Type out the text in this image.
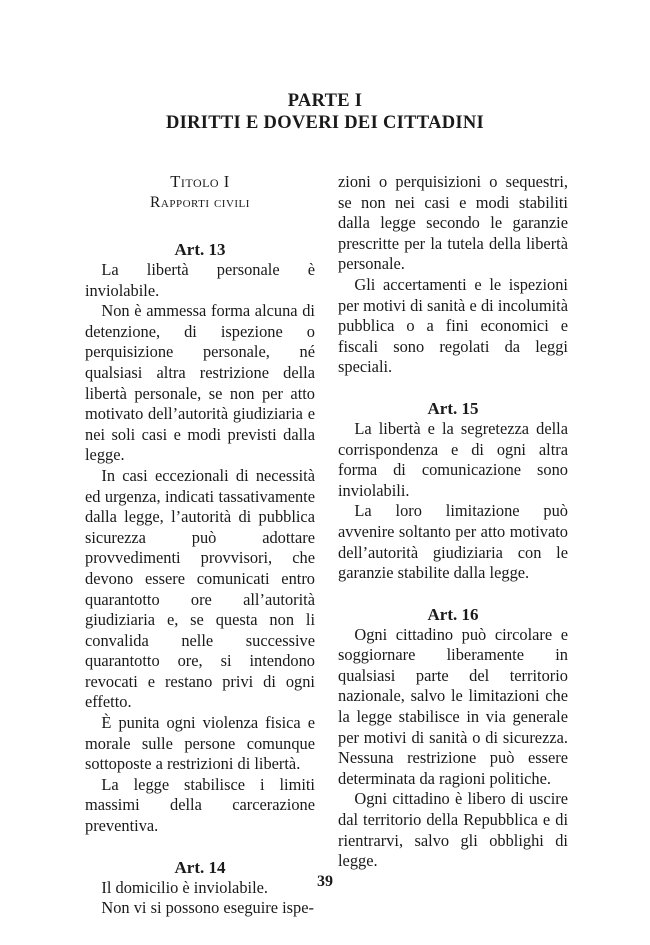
PARTE I
DIRITTI E DOVERI DEI CITTADINI
Titolo I
Rapporti civili
Art. 13

La libertà personale è inviolabile.

Non è ammessa forma alcuna di detenzione, di ispezione o perquisizione personale, né qualsiasi altra restrizione della libertà personale, se non per atto motivato dell’autorità giudiziaria e nei soli casi e modi previsti dalla legge.

In casi eccezionali di necessità ed urgenza, indicati tassativamente dalla legge, l’autorità di pubblica sicurezza può adottare provvedimenti provvisori, che devono essere comunicati entro quarantotto ore all’autorità giudiziaria e, se questa non li convalida nelle successive quarantotto ore, si intendono revocati e restano privi di ogni effetto.

È punita ogni violenza fisica e morale sulle persone comunque sottoposte a restrizioni di libertà.

La legge stabilisce i limiti massimi della carcerazione preventiva.

Art. 14

Il domicilio è inviolabile.

Non vi si possono eseguire ispe-

zioni o perquisizioni o sequestri, se non nei casi e modi stabiliti dalla legge secondo le garanzie prescritte per la tutela della libertà personale.

Gli accertamenti e le ispezioni per motivi di sanità e di incolumità pubblica o a fini economici e fiscali sono regolati da leggi speciali.

Art. 15

La libertà e la segretezza della corrispondenza e di ogni altra forma di comunicazione sono inviolabili.

La loro limitazione può avvenire soltanto per atto motivato dell’autorità giudiziaria con le garanzie stabilite dalla legge.

Art. 16

Ogni cittadino può circolare e soggiornare liberamente in qualsiasi parte del territorio nazionale, salvo le limitazioni che la legge stabilisce in via generale per motivi di sanità o di sicurezza. Nessuna restrizione può essere determinata da ragioni politiche.

Ogni cittadino è libero di uscire dal territorio della Repubblica e di rientrarvi, salvo gli obblighi di legge.

39
